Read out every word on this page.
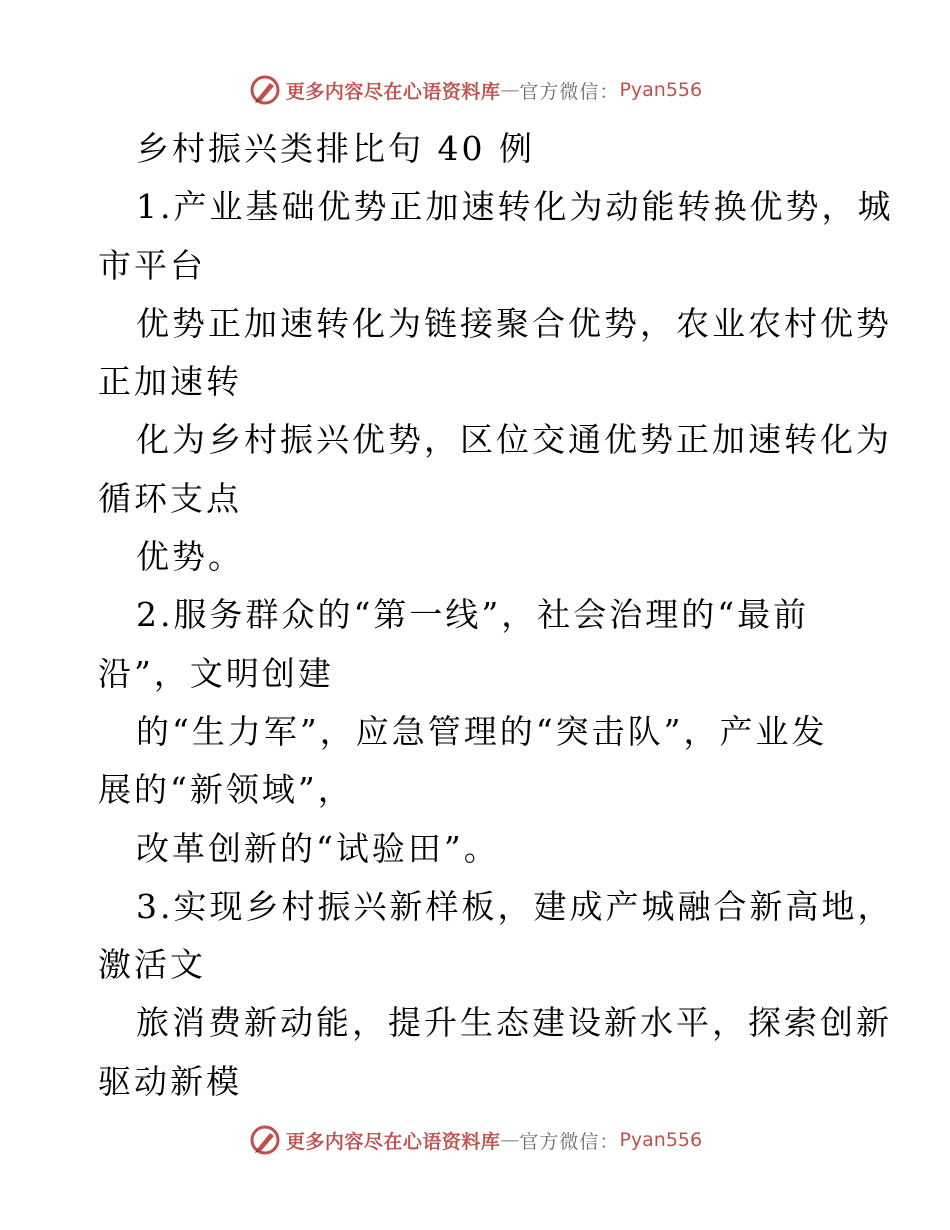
更多内容尽在心语资料库 — 官方微信： Pyan556
乡村振兴类排比句 40 例
1.产业基础优势正加速转化为动能转换优势，城
市平台
优势正加速转化为链接聚合优势，农业农村优势
正加速转
化为乡村振兴优势，区位交通优势正加速转化为
循环支点
优势。
2.服务群众的“第一线”，社会治理的“最前
沿”，文明创建
的“生力军”，应急管理的“突击队”，产业发
展的“新领域”，
改革创新的“试验田”。
3.实现乡村振兴新样板，建成产城融合新高地，
激活文
旅消费新动能，提升生态建设新水平，探索创新
驱动新模
更多内容尽在心语资料库 — 官方微信： Pyan556
